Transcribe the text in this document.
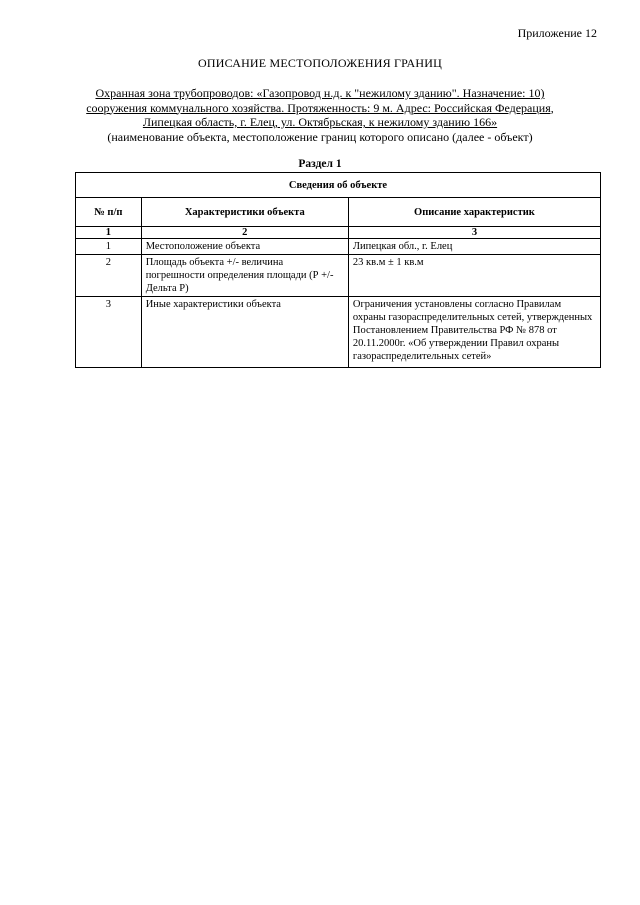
Приложение 12
ОПИСАНИЕ МЕСТОПОЛОЖЕНИЯ ГРАНИЦ
Охранная зона трубопроводов: «Газопровод н.д. к "нежилому зданию". Назначение: 10)
сооружения коммунального хозяйства. Протяженность: 9 м. Адрес: Российская Федерация,
Липецкая область, г. Елец, ул. Октябрьская, к нежилому зданию 166»
(наименование объекта, местоположение границ которого описано (далее - объект)
Раздел 1
Сведения об объекте		
№ п/п	Характеристики объекта	Описание характеристик
1	2	3
1	Местоположение объекта	Липецкая обл., г. Елец
2	Площадь объекта +/- величина погрешности определения площади (Р +/- Дельта Р)	23 кв.м ± 1 кв.м
3	Иные характеристики объекта	Ограничения установлены согласно Правилам охраны газораспределительных сетей, утвержденных Постановлением Правительства РФ № 878 от 20.11.2000г. «Об утверждении Правил охраны газораспределительных сетей»
